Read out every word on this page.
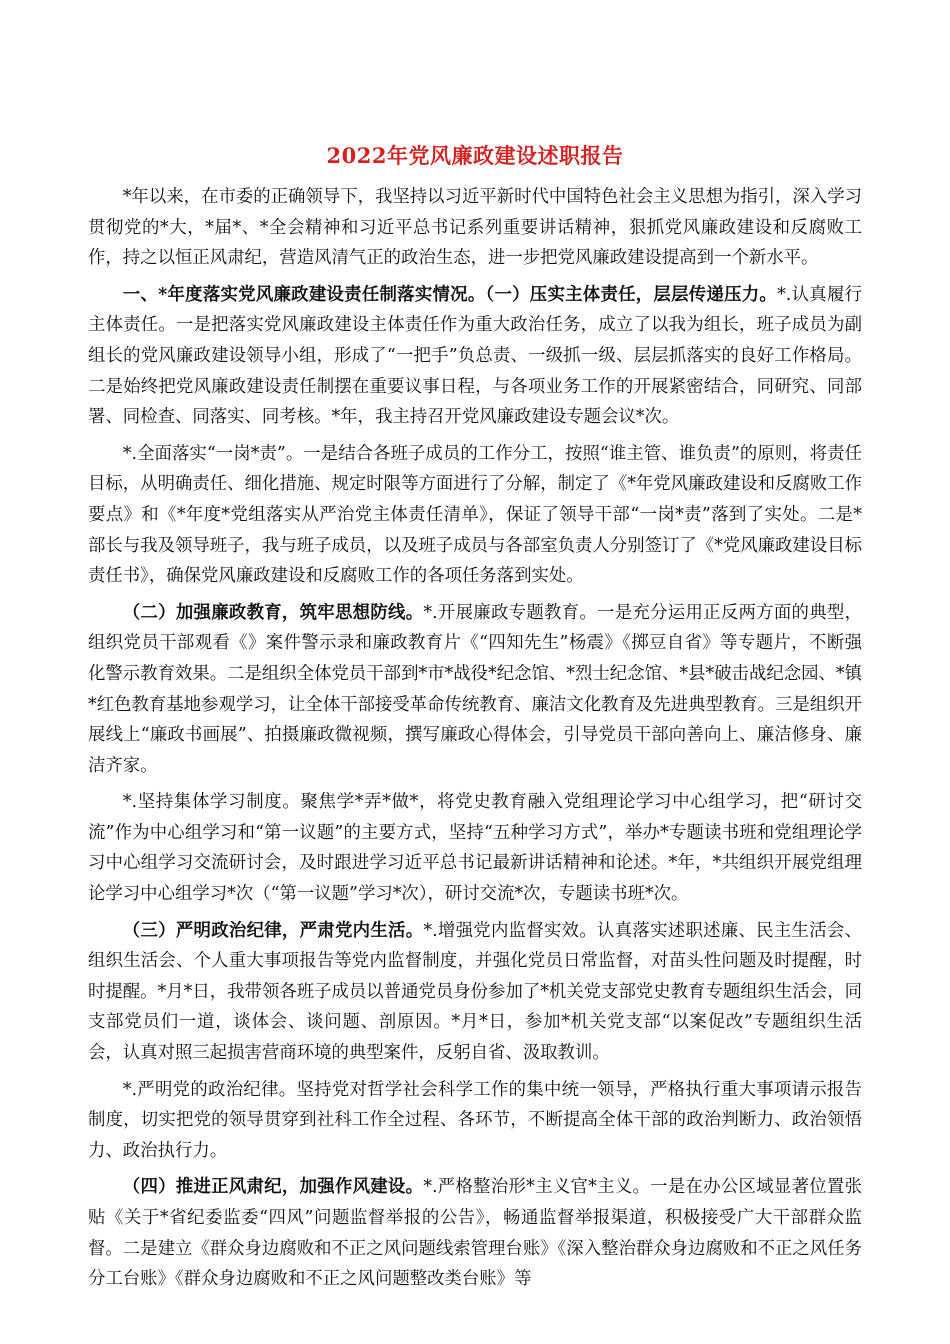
2022年党风廉政建设述职报告

*年以来，在市委的正确领导下，我坚持以习近平新时代中国特色社会主义思想为指引，深入学习贯彻党的*大，*届*、*全会精神和习近平总书记系列重要讲话精神，狠抓党风廉政建设和反腐败工作，持之以恒正风肃纪，营造风清气正的政治生态，进一步把党风廉政建设提高到一个新水平。

一、*年度落实党风廉政建设责任制落实情况。（一）压实主体责任，层层传递压力。*.认真履行主体责任。一是把落实党风廉政建设主体责任作为重大政治任务，成立了以我为组长，班子成员为副组长的党风廉政建设领导小组，形成了“一把手”负总责、一级抓一级、层层抓落实的良好工作格局。二是始终把党风廉政建设责任制摆在重要议事日程，与各项业务工作的开展紧密结合，同研究、同部署、同检查、同落实、同考核。*年，我主持召开党风廉政建设专题会议*次。

*.全面落实“一岗*责”。一是结合各班子成员的工作分工，按照“谁主管、谁负责”的原则，将责任目标，从明确责任、细化措施、规定时限等方面进行了分解，制定了《*年党风廉政建设和反腐败工作要点》和《*年度*党组落实从严治党主体责任清单》，保证了领导干部“一岗*责”落到了实处。二是*部长与我及领导班子，我与班子成员，以及班子成员与各部室负责人分别签订了《*党风廉政建设目标责任书》，确保党风廉政建设和反腐败工作的各项任务落到实处。

（二）加强廉政教育，筑牢思想防线。*.开展廉政专题教育。一是充分运用正反两方面的典型，组织党员干部观看《》案件警示录和廉政教育片《“四知先生”杨震》《掷豆自省》等专题片，不断强化警示教育效果。二是组织全体党员干部到*市*战役*纪念馆、*烈士纪念馆、*县*破击战纪念园、*镇*红色教育基地参观学习，让全体干部接受革命传统教育、廉洁文化教育及先进典型教育。三是组织开展线上“廉政书画展”、拍摄廉政微视频，撰写廉政心得体会，引导党员干部向善向上、廉洁修身、廉洁齐家。

*.坚持集体学习制度。聚焦学*弄*做*，将党史教育融入党组理论学习中心组学习，把“研讨交流”作为中心组学习和“第一议题”的主要方式，坚持“五种学习方式”，举办*专题读书班和党组理论学习中心组学习交流研讨会，及时跟进学习近平总书记最新讲话精神和论述。*年，*共组织开展党组理论学习中心组学习*次（“第一议题”学习*次），研讨交流*次，专题读书班*次。

（三）严明政治纪律，严肃党内生活。*.增强党内监督实效。认真落实述职述廉、民主生活会、组织生活会、个人重大事项报告等党内监督制度，并强化党员日常监督，对苗头性问题及时提醒，时时提醒。*月*日，我带领各班子成员以普通党员身份参加了*机关党支部党史教育专题组织生活会，同支部党员们一道，谈体会、谈问题、剖原因。*月*日，参加*机关党支部“以案促改”专题组织生活会，认真对照三起损害营商环境的典型案件，反躬自省、汲取教训。

*.严明党的政治纪律。坚持党对哲学社会科学工作的集中统一领导，严格执行重大事项请示报告制度，切实把党的领导贯穿到社科工作全过程、各环节，不断提高全体干部的政治判断力、政治领悟力、政治执行力。

（四）推进正风肃纪，加强作风建设。*.严格整治形*主义官*主义。一是在办公区域显著位置张贴《关于*省纪委监委“四风”问题监督举报的公告》，畅通监督举报渠道，积极接受广大干部群众监督。二是建立《群众身边腐败和不正之风问题线索管理台账》《深入整治群众身边腐败和不正之风任务分工台账》《群众身边腐败和不正之风问题整改类台账》等
